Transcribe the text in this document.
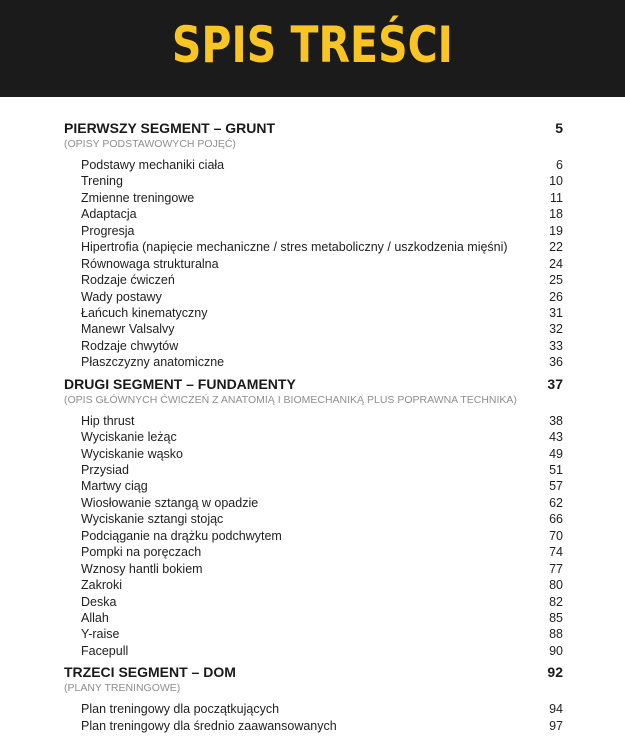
SPIS TREŚCI
PIERWSZY SEGMENT – GRUNT	5
(OPISY PODSTAWOWYCH POJĘĆ)
Podstawy mechaniki ciała	6
Trening	10
Zmienne treningowe	11
Adaptacja	18
Progresja	19
Hipertrofia (napięcie mechaniczne / stres metaboliczny / uszkodzenia mięśni)	22
Równowaga strukturalna	24
Rodzaje ćwiczeń	25
Wady postawy	26
Łańcuch kinematyczny	31
Manewr Valsalvy	32
Rodzaje chwytów	33
Płaszczyzny anatomiczne	36
DRUGI SEGMENT – FUNDAMENTY	37
(OPIS GŁÓWNYCH ĆWICZEŃ Z ANATOMIĄ I BIOMECHANIKĄ PLUS POPRAWNA TECHNIKA)
Hip thrust	38
Wyciskanie leżąc	43
Wyciskanie wąsko	49
Przysiad	51
Martwy ciąg	57
Wiosłowanie sztangą w opadzie	62
Wyciskanie sztangi stojąc	66
Podciąganie na drążku podchwytem	70
Pompki na poręczach	74
Wznosy hantli bokiem	77
Zakroki	80
Deska	82
Allah	85
Y-raise	88
Facepull	90
TRZECI SEGMENT – DOM	92
(PLANY TRENINGOWE)
Plan treningowy dla początkujących	94
Plan treningowy dla średnio zaawansowanych	97
